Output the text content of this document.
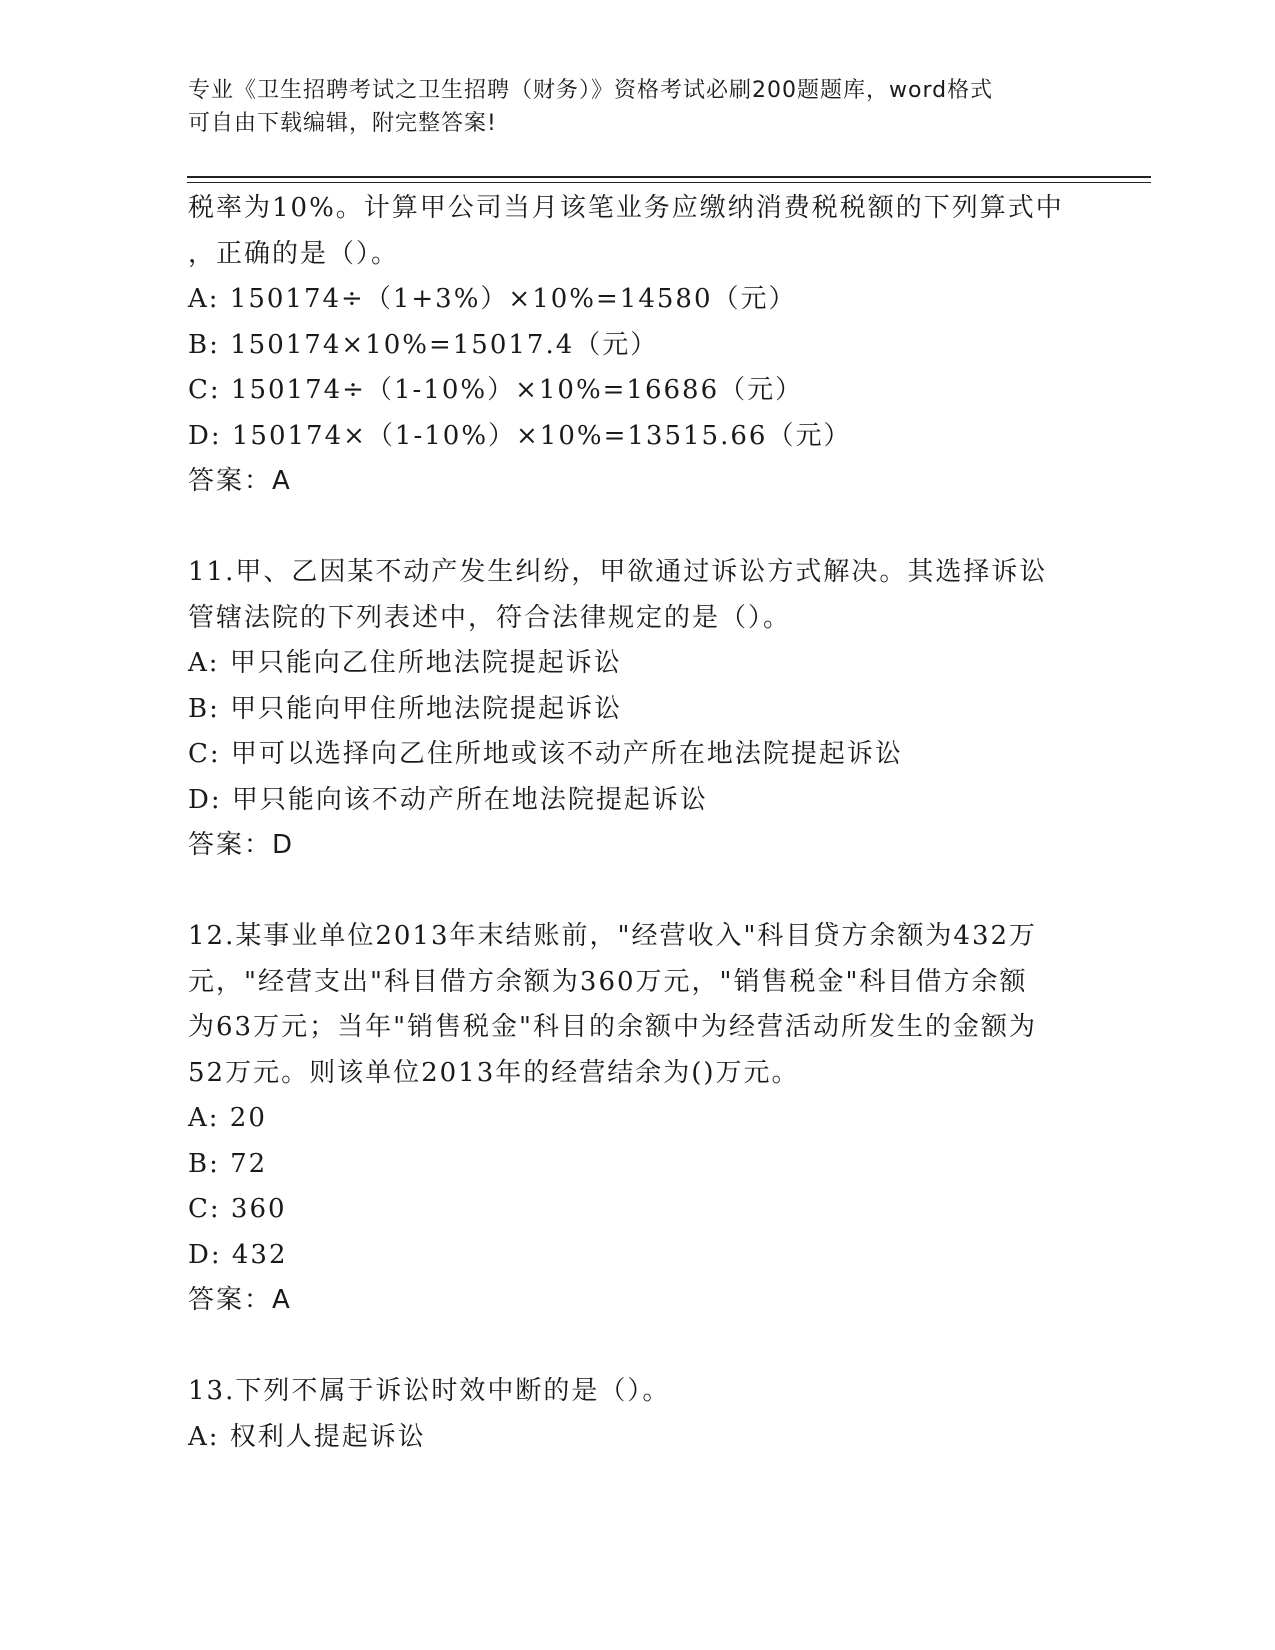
专业《卫生招聘考试之卫生招聘（财务）》资格考试必刷200题题库，word格式
可自由下载编辑，附完整答案!

税率为10%。计算甲公司当月该笔业务应缴纳消费税税额的下列算式中

，正确的是（）。

A: 150174÷（1+3%）×10%=14580（元）

B: 150174×10%=15017.4（元）

C: 150174÷（1-10%）×10%=16686（元）

D: 150174×（1-10%）×10%=13515.66（元）

答案：A

11.甲、乙因某不动产发生纠纷，甲欲通过诉讼方式解决。其选择诉讼

管辖法院的下列表述中，符合法律规定的是（）。

A: 甲只能向乙住所地法院提起诉讼

B: 甲只能向甲住所地法院提起诉讼

C: 甲可以选择向乙住所地或该不动产所在地法院提起诉讼

D: 甲只能向该不动产所在地法院提起诉讼

答案：D

12.某事业单位2013年末结账前，"经营收入"科目贷方余额为432万

元，"经营支出"科目借方余额为360万元，"销售税金"科目借方余额

为63万元；当年"销售税金"科目的余额中为经营活动所发生的金额为

52万元。则该单位2013年的经营结余为()万元。

A: 20

B: 72

C: 360

D: 432

答案：A

13.下列不属于诉讼时效中断的是（）。

A: 权利人提起诉讼
